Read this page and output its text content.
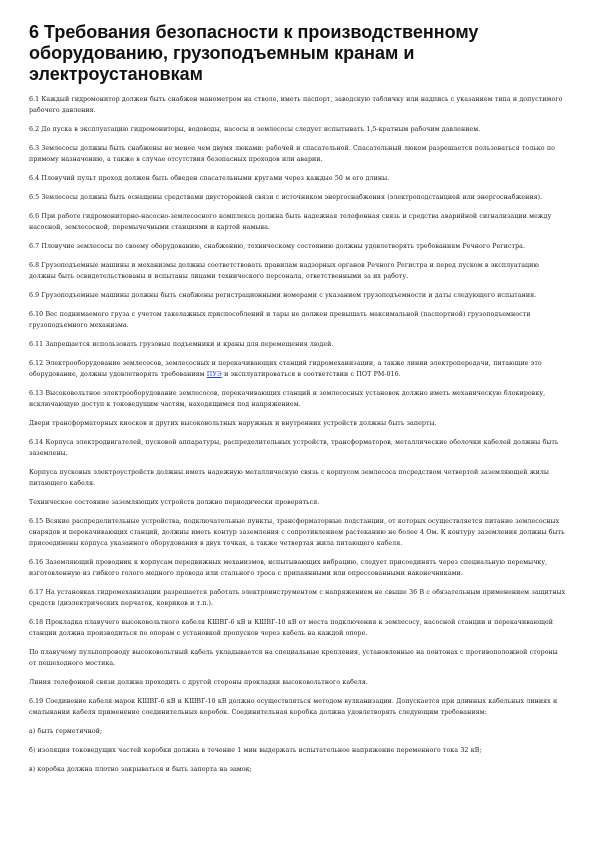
6 Требования безопасности к производственному оборудованию, грузоподъемным кранам и электроустановкам

6.1 Каждый гидромонитор должен быть снабжен манометром на стволе, иметь паспорт, заводскую табличку или надпись с указанием типа и допустимого рабочего давления.

6.2 До пуска в эксплуатацию гидромониторы, водоводы, насосы и землесосы следует испытывать 1,5-кратным рабочим давлением.

6.3 Землесосы должны быть снабжены не менее чем двумя люками: рабочей и спасательной. Спасательный люком разрешается пользоваться только по прямому назначению, а также в случае отсутствия безопасных проходов или аварии.

6.4 Пловучий пульт проход должен быть обведен спасательными кругами через каждые 50 м его длины.

6.5 Землесосы должны быть оснащены средствами двусторонней связи с источником энергоснабжения (электроподстанцией или энергоснабжения).

6.6 При работе гидромониторно-насосно-землесосного комплекса должна быть надежная телефонная связь и средства аварийной сигнализации между насосной, землесосной, перемычечными станциями и картой намыва.

6.7 Пловучие землесосы по своему оборудованию, снабжению, техническому состоянию должны удовлетворять требованиям Речного Регистра.

6.8 Грузоподъемные машины и механизмы должны соответствовать правилам надзорных органов Речного Регистра и перед пуском в эксплуатацию должны быть освидетельствованы и испытаны лицами технического персонала, ответственными за их работу.

6.9 Грузоподъемные машины должны быть снабжены регистрационными номерами с указанием грузоподъемности и даты следующего испытания.

6.10 Вес поднимаемого груза с учетом такелажных приспособлений и тары не должен превышать максимальной (паспортной) грузоподъемности грузоподъемного механизма.

6.11 Запрещается использовать грузовые подъемники и краны для перемещения людей.

6.12 Электрооборудование землесосов, землесосных и перекачивающих станций гидромеханизации, а также линии электропередачи, питающие это оборудование, должны удовлетворять требованиям ПУЭ и эксплуатироваться в соответствии с ПОТ РМ-016.

6.13 Высоковольтное электрооборудование землесосов, перекачивающих станций и землесосных установок должно иметь механическую блокировку, исключающую доступ к токоведущим частям, находящимся под напряжением.

Двери трансформаторных киосков и других высоковольтных наружных и внутренних устройств должны быть заперты.

6.14 Корпуса электродвигателей, пусковой аппаратуры, распределительных устройств, трансформаторов, металлические оболочки кабелей должны быть заземлены.

Корпуса пусковых электроустройств должны иметь надежную металлическую связь с корпусом землесоса посредством четвертой заземляющей жилы питающего кабеля.

Техническое состояние заземляющих устройств должно периодически проверяться.

6.15 Всякие распределительные устройства, подключательные пункты, трансформаторные подстанции, от которых осуществляется питание землесосных снарядов и перекачивающих станций, должны иметь контур заземления с сопротивлением растеканию не более 4 Ом. К контуру заземления должны быть присоединены корпуса указанного оборудования в двух точках, а также четвертая жила питающего кабеля.

6.16 Заземляющий проводник к корпусам передвижных механизмов, испытывающих вибрацию, следует присоединять через специальную перемычку, изготовленную из гибкого голого медного провода или стального троса с припаянными или опрессованными наконечниками.

6.17 На установках гидромеханизации разрешается работать электроинструментом с напряжением не свыше 36 В с обязательным применением защитных средств (диэлектрических перчаток, ковриков и т.п.).

6.18 Прокладка плавучего высоковольтного кабеля КШВГ-6 кВ и КШВГ-10 кВ от места подключения к землесосу, насосной станции и перекачивающей станции должна производиться по опорам с установкой пропусков через кабель на каждой опоре.

По плавучему пульпопроводу высоковольтный кабель укладывается на специальные крепления, установленные на понтонах с противоположной стороны от пешеходного мостика.

Линия телефонной связи должна проходить с другой стороны прокладки высоковольтного кабеля.

6.19 Соединение кабеля марок КШВГ-6 кВ и КШВГ-10 кВ должно осуществляться методом вулканизации. Допускается при длинных кабельных линиях и сматывании кабеля применение соединительных коробок. Соединительная коробка должна удовлетворять следующим требованиям:

а) быть герметичной;

б) изоляция токоведущих частей коробки должна в течение 1 мин выдержать испытательное напряжение переменного тока 32 кВ;

в) коробка должна плотно закрываться и быть заперта на замок;
